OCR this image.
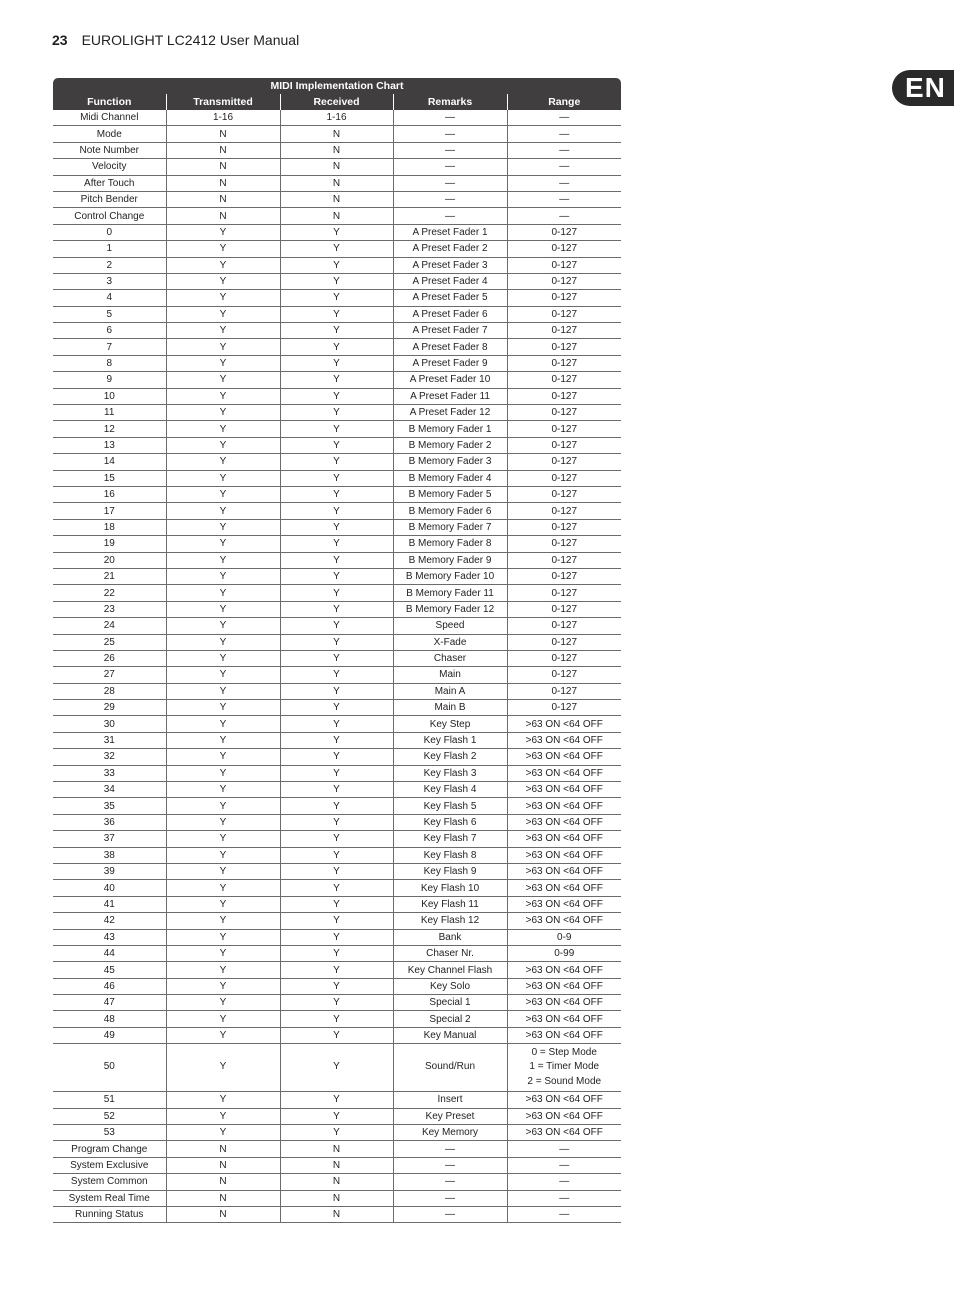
23 EUROLIGHT LC2412 User Manual
EN
MIDI Implementation Chart
Function	Transmitted	Received	Remarks	Range
Midi Channel	1-16	1-16	—	—
Mode	N	N	—	—
Note Number	N	N	—	—
Velocity	N	N	—	—
After Touch	N	N	—	—
Pitch Bender	N	N	—	—
Control Change	N	N	—	—
0	Y	Y	A Preset Fader 1	0-127
1	Y	Y	A Preset Fader 2	0-127
2	Y	Y	A Preset Fader 3	0-127
3	Y	Y	A Preset Fader 4	0-127
4	Y	Y	A Preset Fader 5	0-127
5	Y	Y	A Preset Fader 6	0-127
6	Y	Y	A Preset Fader 7	0-127
7	Y	Y	A Preset Fader 8	0-127
8	Y	Y	A Preset Fader 9	0-127
9	Y	Y	A Preset Fader 10	0-127
10	Y	Y	A Preset Fader 11	0-127
11	Y	Y	A Preset Fader 12	0-127
12	Y	Y	B Memory Fader 1	0-127
13	Y	Y	B Memory Fader 2	0-127
14	Y	Y	B Memory Fader 3	0-127
15	Y	Y	B Memory Fader 4	0-127
16	Y	Y	B Memory Fader 5	0-127
17	Y	Y	B Memory Fader 6	0-127
18	Y	Y	B Memory Fader 7	0-127
19	Y	Y	B Memory Fader 8	0-127
20	Y	Y	B Memory Fader 9	0-127
21	Y	Y	B Memory Fader 10	0-127
22	Y	Y	B Memory Fader 11	0-127
23	Y	Y	B Memory Fader 12	0-127
24	Y	Y	Speed	0-127
25	Y	Y	X-Fade	0-127
26	Y	Y	Chaser	0-127
27	Y	Y	Main	0-127
28	Y	Y	Main A	0-127
29	Y	Y	Main B	0-127
30	Y	Y	Key Step	>63 ON <64 OFF
31	Y	Y	Key Flash 1	>63 ON <64 OFF
32	Y	Y	Key Flash 2	>63 ON <64 OFF
33	Y	Y	Key Flash 3	>63 ON <64 OFF
34	Y	Y	Key Flash 4	>63 ON <64 OFF
35	Y	Y	Key Flash 5	>63 ON <64 OFF
36	Y	Y	Key Flash 6	>63 ON <64 OFF
37	Y	Y	Key Flash 7	>63 ON <64 OFF
38	Y	Y	Key Flash 8	>63 ON <64 OFF
39	Y	Y	Key Flash 9	>63 ON <64 OFF
40	Y	Y	Key Flash 10	>63 ON <64 OFF
41	Y	Y	Key Flash 11	>63 ON <64 OFF
42	Y	Y	Key Flash 12	>63 ON <64 OFF
43	Y	Y	Bank	0-9
44	Y	Y	Chaser Nr.	0-99
45	Y	Y	Key Channel Flash	>63 ON <64 OFF
46	Y	Y	Key Solo	>63 ON <64 OFF
47	Y	Y	Special 1	>63 ON <64 OFF
48	Y	Y	Special 2	>63 ON <64 OFF
49	Y	Y	Key Manual	>63 ON <64 OFF
50	Y	Y	Sound/Run	0 = Step Mode
1 = Timer Mode
2 = Sound Mode

51	Y	Y	Insert	>63 ON <64 OFF
52	Y	Y	Key Preset	>63 ON <64 OFF
53	Y	Y	Key Memory	>63 ON <64 OFF
Program Change	N	N	—	—
System Exclusive	N	N	—	—
System Common	N	N	—	—
System Real Time	N	N	—	—
Running Status	N	N	—	—
